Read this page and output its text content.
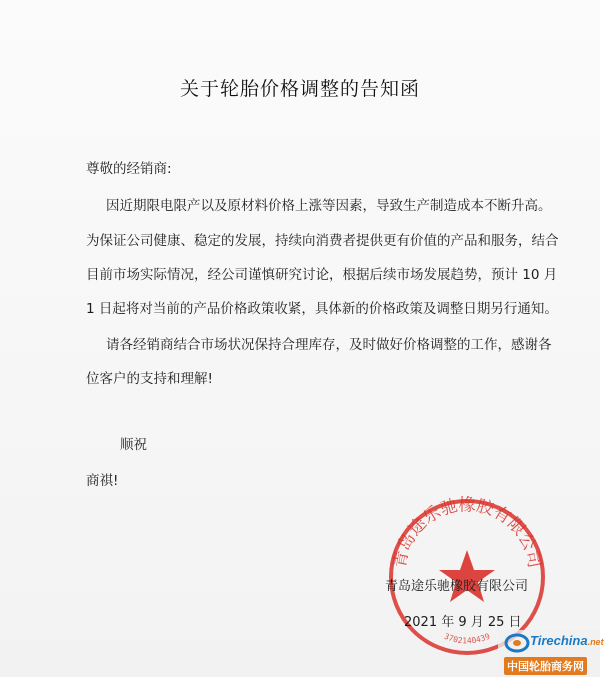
关于轮胎价格调整的告知函
尊敬的经销商:
因近期限电限产以及原材料价格上涨等因素，导致生产制造成本不断升高。
为保证公司健康、稳定的发展，持续向消费者提供更有价值的产品和服务，结合
目前市场实际情况，经公司谨慎研究讨论，根据后续市场发展趋势，预计 10 月
1 日起将对当前的产品价格政策收紧，具体新的价格政策及调整日期另行通知。
请各经销商结合市场状况保持合理库存，及时做好价格调整的工作，感谢各
位客户的支持和理解!
顺祝
商祺!
青岛途乐驰橡胶有限公司
3702140439
青岛途乐驰橡胶有限公司
2021 年 9 月 25 日
Tirechina.net
中国轮胎商务网
